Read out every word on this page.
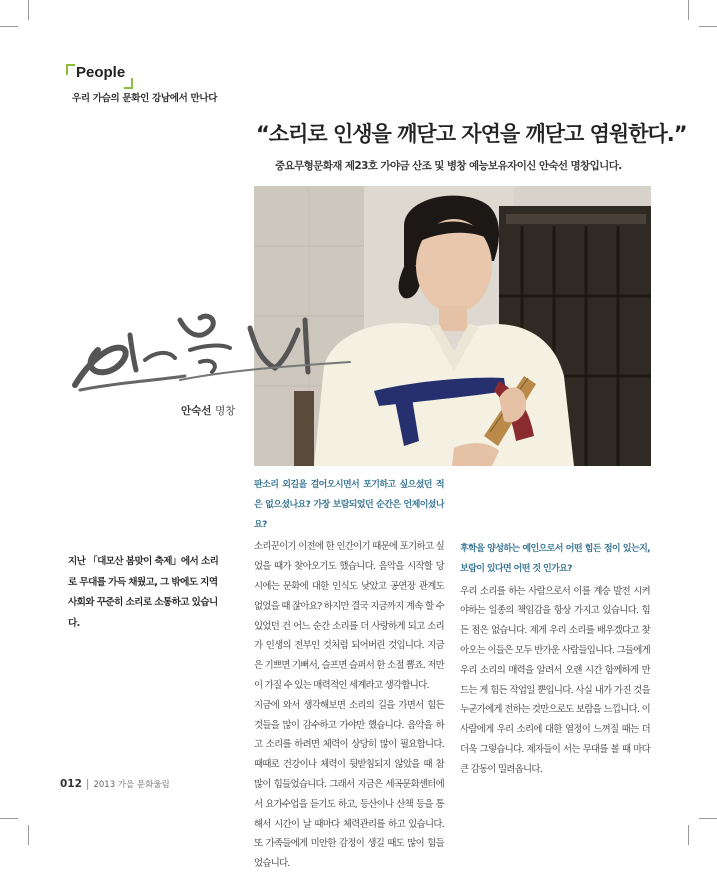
People
우리 가슴의 문화인 강남에서 만나다
“소리로 인생을 깨닫고 자연을 깨닫고 염원한다.”
중요무형문화재 제23호 가야금 산조 및 병창 예능보유자이신 안숙선 명창입니다.
안숙선 명창
지난 「대모산 봄맞이 축제」에서 소리로 무대를 가득 채웠고, 그 밖에도 지역사회와 꾸준히 소리로 소통하고 있습니다.
판소리 외길을 걸어오시면서 포기하고 싶으셨던 적은 없으셨나요? 가장 보람되었던 순간은 언제이셨나요?
소리꾼이기 이전에 한 인간이기 때문에 포기하고 싶었을 때가 찾아오기도 했습니다. 음악을 시작할 당시에는 문화에 대한 인식도 낮았고 공연장 관계도 없었을 때 잖아요? 하지만 결국 지금까지 계속 할 수 있었던 건 어느 순간 소리를 더 사랑하게 되고 소리가 인생의 전부인 것처럼 되어버린 것입니다. 지금은 기쁘면 기뻐서, 슬프면 슬퍼서 한 소절 뽑죠. 저만이 가질 수 있는 매력적인 세계라고 생각합니다.
지금에 와서 생각해보면 소리의 길을 가면서 힘든 것들을 많이 감수하고 가야만 했습니다. 음악을 하고 소리를 하려면 체력이 상당히 많이 필요합니다. 때때로 건강이나 체력이 뒷받침되지 않았을 때 참 많이 힘들었습니다. 그래서 지금은 세곡문화센터에서 요가수업을 듣기도 하고, 등산이나 산책 등을 통해서 시간이 날 때마다 체력관리를 하고 있습니다. 또 가족들에게 미안한 감정이 생길 때도 많이 힘들었습니다.
후학을 양성하는 예인으로서 어떤 힘든 점이 있는지, 보람이 있다면 어떤 것 인가요?
우리 소리를 하는 사람으로서 이를 계승 발전 시켜야하는 일종의 책임감을 항상 가지고 있습니다. 힘든 점은 없습니다. 제게 우리 소리를 배우겠다고 찾아오는 이들은 모두 반가운 사람들입니다. 그들에게 우리 소리의 매력을 알려서 오랜 시간 함께하게 만드는 게 힘든 작업일 뿐입니다. 사실 내가 가진 것을 누군가에게 전하는 것만으로도 보람을 느낍니다. 이 사람에게 우리 소리에 대한 열정이 느껴질 때는 더더욱 그렇습니다. 제자들이 서는 무대를 볼 때 마다 큰 감동이 밀려옵니다.
012 | 2013 가을 문화울림
